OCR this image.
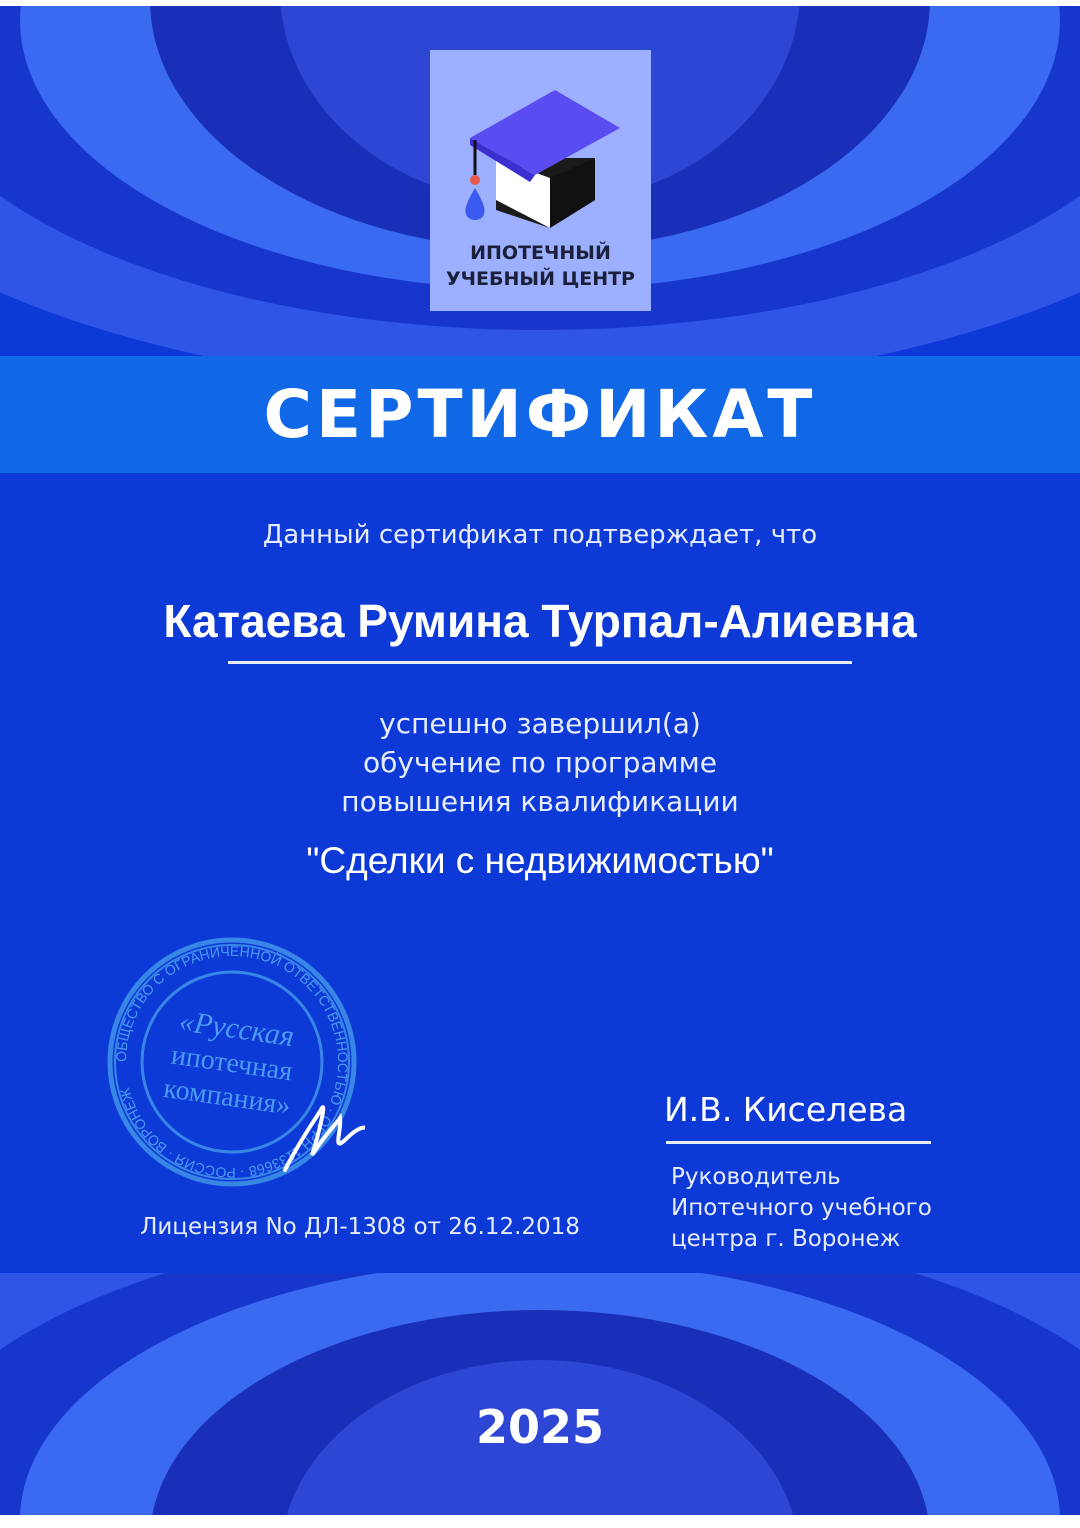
ИПОТЕЧНЫЙ
УЧЕБНЫЙ ЦЕНТР
СЕРТИФИКАТ
Данный сертификат подтверждает, что
Катаева Румина Турпал-Алиевна
успешно завершил(а)
обучение по программе
повышения квалификации
"Сделки с недвижимостью"
ОБЩЕСТВО С ОГРАНИЧЕННОЙ ОТВЕТСТВЕННОСТЬЮ · ОГРН 1133668 · РОССИЯ · ВОРОНЕЖ
«Русская
ипотечная
компания»
Лицензия No ДЛ-1308 от 26.12.2018
И.В. Киселева
Руководитель
Ипотечного учебного
центра г. Воронеж
2025
